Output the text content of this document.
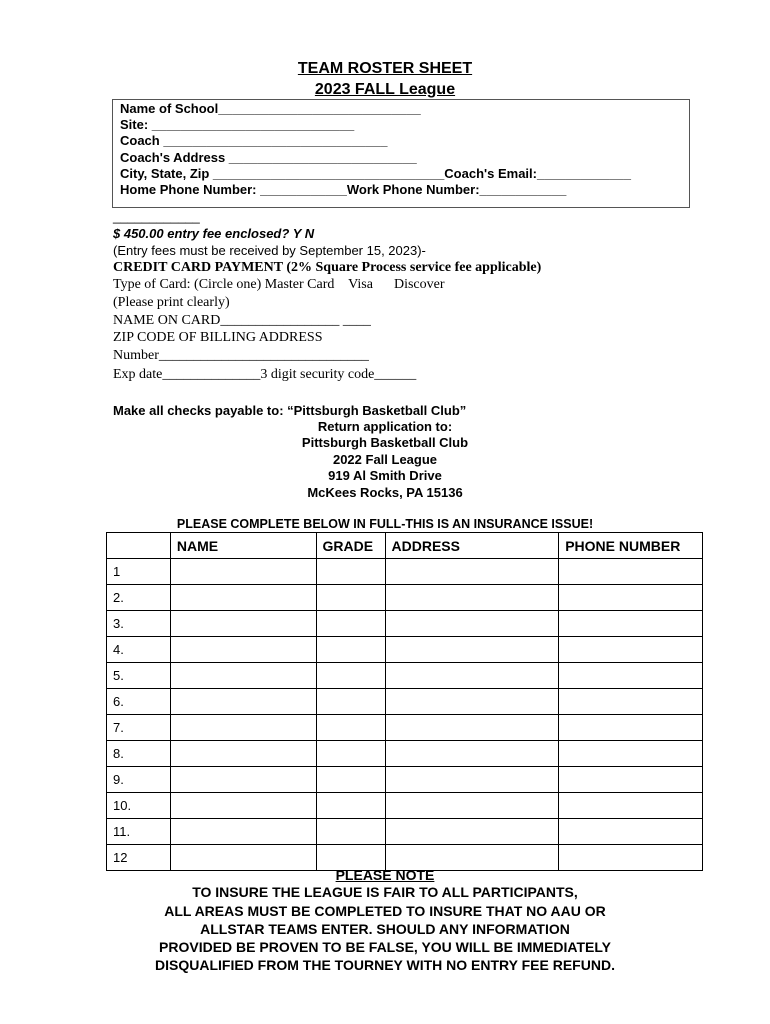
TEAM ROSTER SHEET
2023 FALL League
Name of School____________________________
Site: ____________________________
Coach _______________________________
Coach's Address __________________________
City, State, Zip ________________________________Coach's Email:_____________
Home Phone Number: ____________Work Phone Number:____________
____________
$ 450.00 entry fee enclosed? Y N
(Entry fees must be received by September 15, 2023)-
CREDIT CARD PAYMENT (2% Square Process service fee applicable)
Type of Card: (Circle one) Master Card    Visa      Discover
(Please print clearly)
NAME ON CARD_________________ ____
ZIP CODE OF BILLING ADDRESS
Number______________________________
Exp date______________3 digit security code______
Make all checks payable to: “Pittsburgh Basketball Club”
Return application to:
Pittsburgh Basketball Club
2022 Fall League
919 Al Smith Drive
McKees Rocks, PA 15136
PLEASE COMPLETE BELOW IN FULL-THIS IS AN INSURANCE ISSUE!
	NAME	GRADE	ADDRESS	PHONE NUMBER
1				
2.				
3.				
4.				
5.				
6.				
7.				
8.				
9.				
10.				
11.				
12				
PLEASE NOTE
TO INSURE THE LEAGUE IS FAIR TO ALL PARTICIPANTS,
ALL AREAS MUST BE COMPLETED TO INSURE THAT NO AAU OR
ALLSTAR TEAMS ENTER. SHOULD ANY INFORMATION
PROVIDED BE PROVEN TO BE FALSE, YOU WILL BE IMMEDIATELY
DISQUALIFIED FROM THE TOURNEY WITH NO ENTRY FEE REFUND.
